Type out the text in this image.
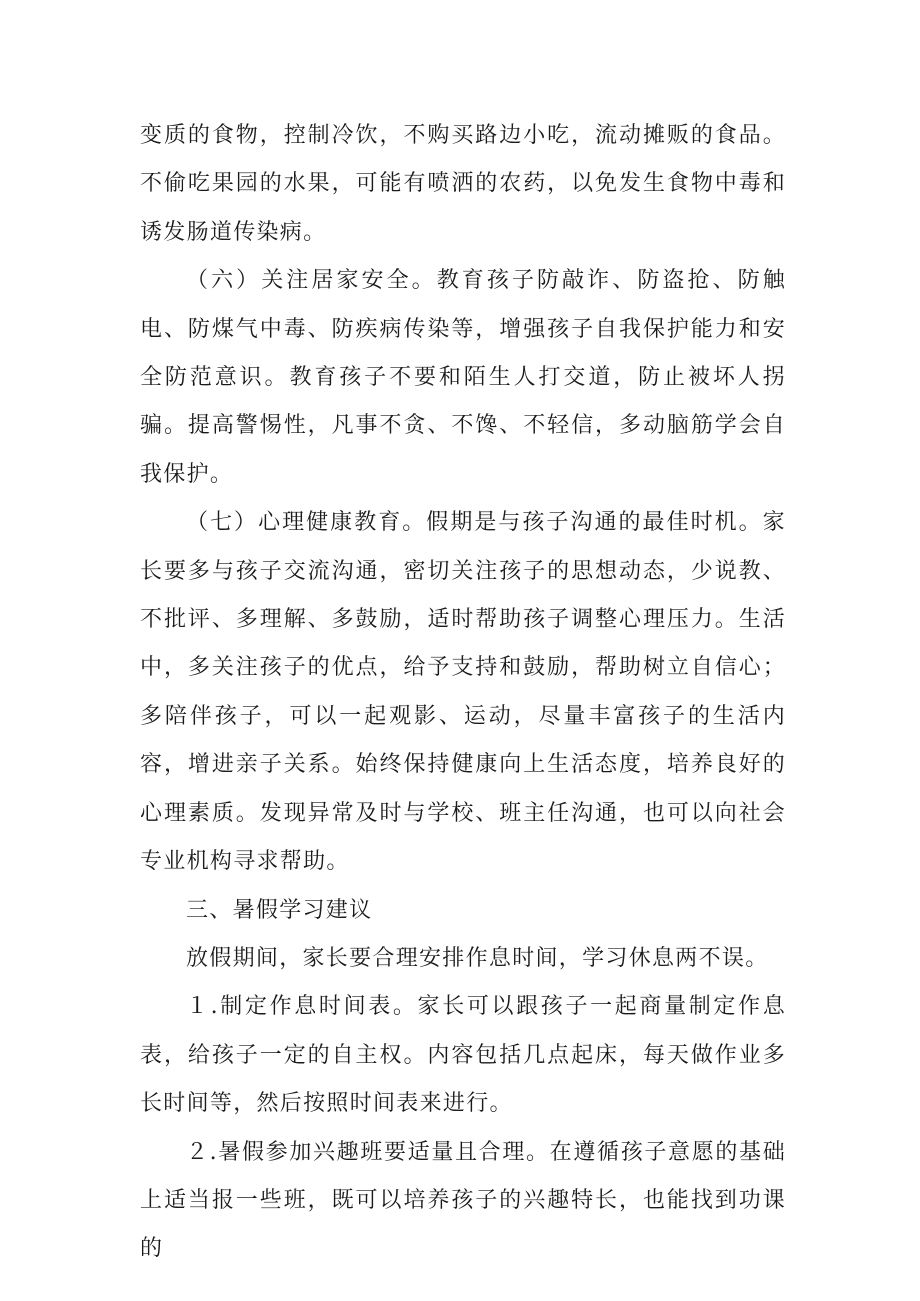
变质的食物，控制冷饮，不购买路边小吃，流动摊贩的食品。不偷吃果园的水果，可能有喷洒的农药，以免发生食物中毒和诱发肠道传染病。

（六）关注居家安全。教育孩子防敲诈、防盗抢、防触电、防煤气中毒、防疾病传染等，增强孩子自我保护能力和安全防范意识。教育孩子不要和陌生人打交道，防止被坏人拐骗。提高警惕性，凡事不贪、不馋、不轻信，多动脑筋学会自我保护。

（七）心理健康教育。假期是与孩子沟通的最佳时机。家长要多与孩子交流沟通，密切关注孩子的思想动态，少说教、不批评、多理解、多鼓励，适时帮助孩子调整心理压力。生活中，多关注孩子的优点，给予支持和鼓励，帮助树立自信心；多陪伴孩子，可以一起观影、运动，尽量丰富孩子的生活内容，增进亲子关系。始终保持健康向上生活态度，培养良好的心理素质。发现异常及时与学校、班主任沟通，也可以向社会专业机构寻求帮助。

三、暑假学习建议

放假期间，家长要合理安排作息时间，学习休息两不误。

１.制定作息时间表。家长可以跟孩子一起商量制定作息表，给孩子一定的自主权。内容包括几点起床，每天做作业多长时间等，然后按照时间表来进行。

２.暑假参加兴趣班要适量且合理。在遵循孩子意愿的基础上适当报一些班，既可以培养孩子的兴趣特长，也能找到功课的
